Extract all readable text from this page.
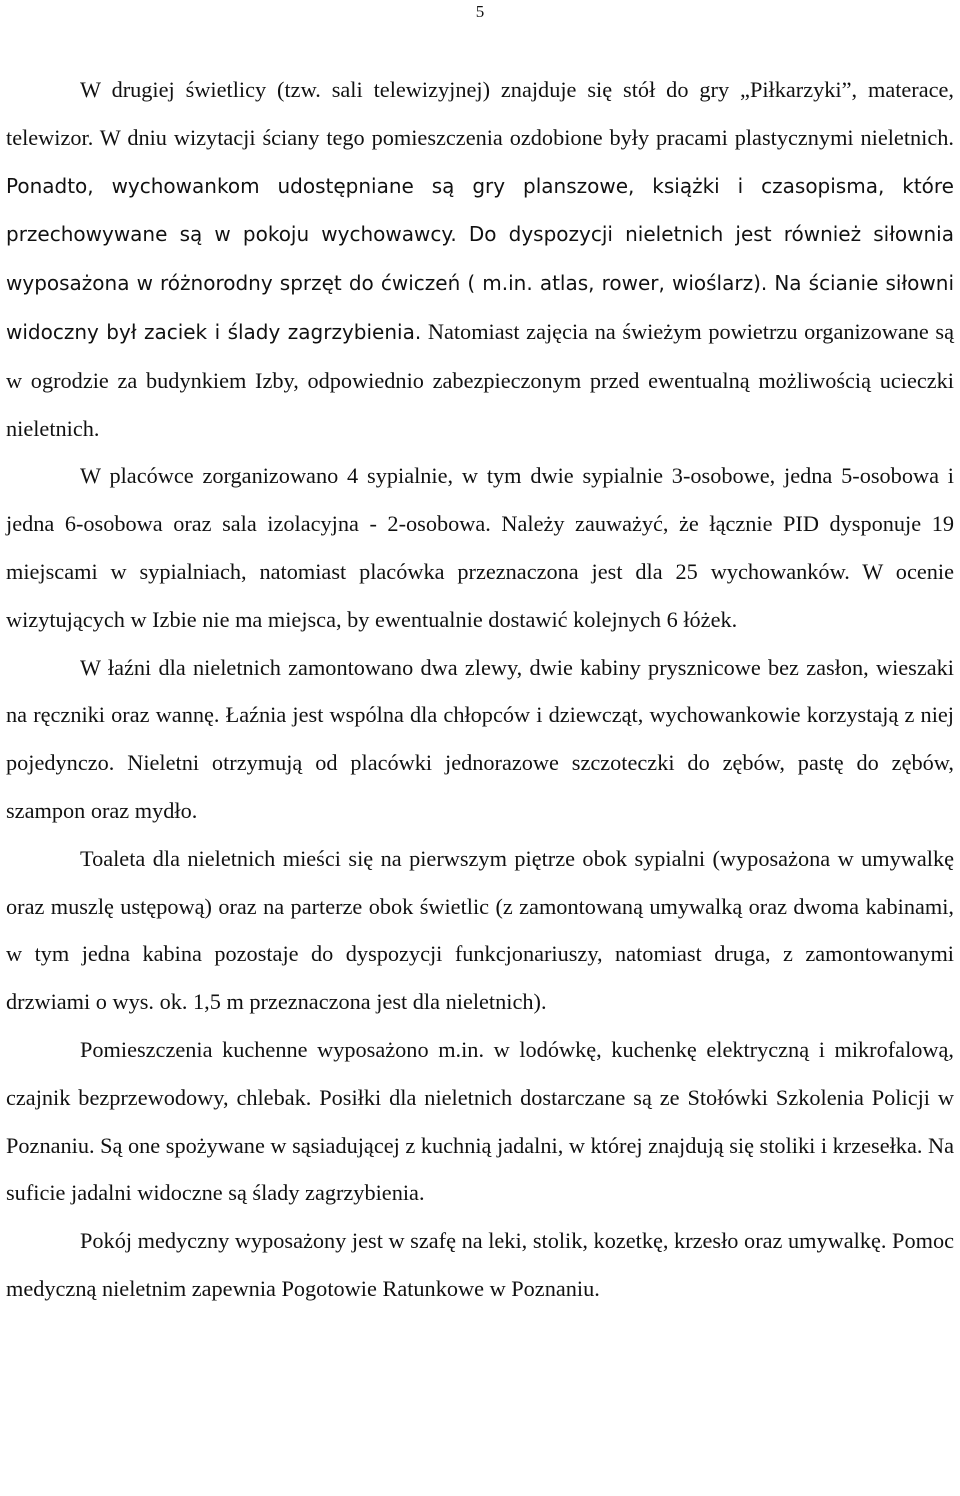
5

W drugiej świetlicy (tzw. sali telewizyjnej) znajduje się stół do gry „Piłkarzyki”, materace, telewizor. W dniu wizytacji ściany tego pomieszczenia ozdobione były pracami plastycznymi nieletnich. Ponadto, wychowankom udostępniane są gry planszowe, książki i czasopisma, które przechowywane są w pokoju wychowawcy. Do dyspozycji nieletnich jest również siłownia wyposażona w różnorodny sprzęt do ćwiczeń ( m.in. atlas, rower, wioślarz). Na ścianie siłowni widoczny był zaciek i ślady zagrzybienia. Natomiast zajęcia na świeżym powietrzu organizowane są w ogrodzie za budynkiem Izby, odpowiednio zabezpieczonym przed ewentualną możliwością ucieczki nieletnich.

W placówce zorganizowano 4 sypialnie, w tym dwie sypialnie 3-osobowe, jedna 5-osobowa i jedna 6-osobowa oraz sala izolacyjna - 2-osobowa. Należy zauważyć, że łącznie PID dysponuje 19 miejscami w sypialniach, natomiast placówka przeznaczona jest dla 25 wychowanków. W ocenie wizytujących w Izbie nie ma miejsca, by ewentualnie dostawić kolejnych 6 łóżek.

W łaźni dla nieletnich zamontowano dwa zlewy, dwie kabiny prysznicowe bez zasłon, wieszaki na ręczniki oraz wannę. Łaźnia jest wspólna dla chłopców i dziewcząt, wychowankowie korzystają z niej pojedynczo. Nieletni otrzymują od placówki jednorazowe szczoteczki do zębów, pastę do zębów, szampon oraz mydło.

Toaleta dla nieletnich mieści się na pierwszym piętrze obok sypialni (wyposażona w umywalkę oraz muszlę ustępową) oraz na parterze obok świetlic (z zamontowaną umywalką oraz dwoma kabinami, w tym jedna kabina pozostaje do dyspozycji funkcjonariuszy, natomiast druga, z zamontowanymi drzwiami o wys. ok. 1,5 m przeznaczona jest dla nieletnich).

Pomieszczenia kuchenne wyposażono m.in. w lodówkę, kuchenkę elektryczną i mikrofalową, czajnik bezprzewodowy, chlebak. Posiłki dla nieletnich dostarczane są ze Stołówki Szkolenia Policji w Poznaniu. Są one spożywane w sąsiadującej z kuchnią jadalni, w której znajdują się stoliki i krzesełka. Na suficie jadalni widoczne są ślady zagrzybienia.

Pokój medyczny wyposażony jest w szafę na leki, stolik, kozetkę, krzesło oraz umywalkę. Pomoc medyczną nieletnim zapewnia Pogotowie Ratunkowe w Poznaniu.
